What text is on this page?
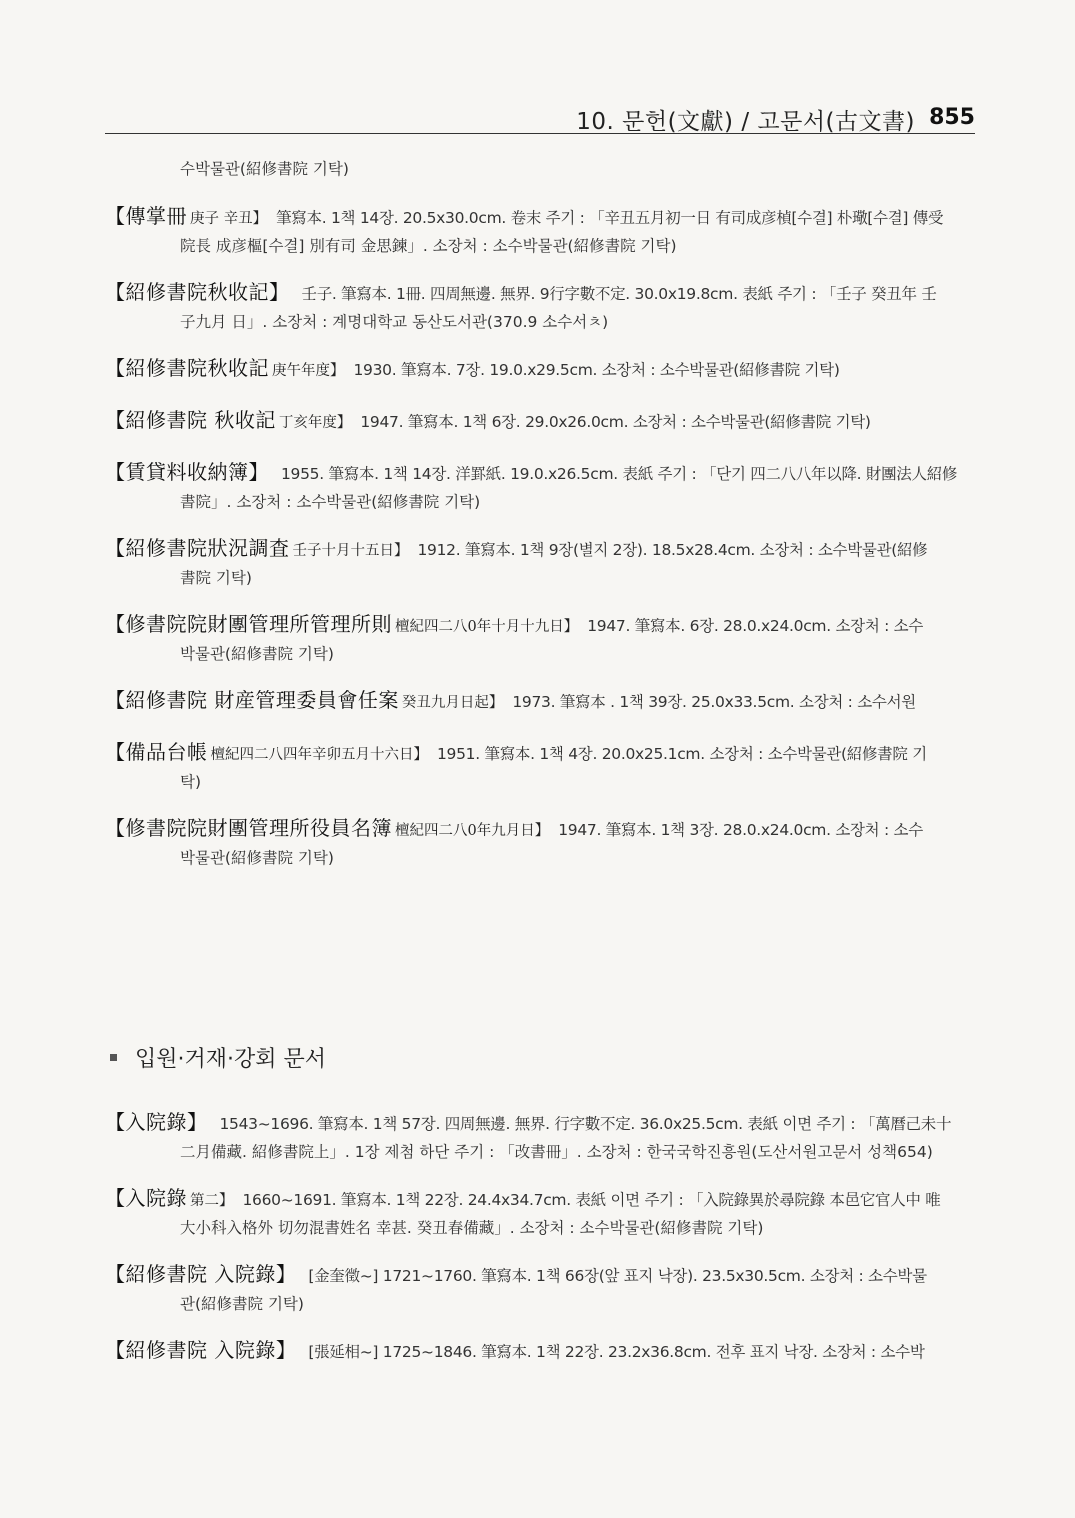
10. 문헌(文獻) / 고문서(古文書) 855
수박물관(紹修書院 기탁)
【傳掌冊 庚子 辛丑】 筆寫本. 1책 14장. 20.5x30.0cm. 卷末 주기 : 「辛丑五月初一日 有司成彦楨[수결] 朴璥[수결] 傳受
院長 成彦樞[수결] 別有司 金思鍊」. 소장처 : 소수박물관(紹修書院 기탁)
【紹修書院秋收記】 壬子. 筆寫本. 1冊. 四周無邊. 無界. 9行字數不定. 30.0x19.8cm. 表紙 주기 : 「壬子 癸丑年 壬
子九月 日」. 소장처 : 계명대학교 동산도서관(370.9 소수서ㅊ)
【紹修書院秋收記 庚午年度】 1930. 筆寫本. 7장. 19.0.x29.5cm. 소장처 : 소수박물관(紹修書院 기탁)
【紹修書院 秋收記 丁亥年度】 1947. 筆寫本. 1책 6장. 29.0x26.0cm. 소장처 : 소수박물관(紹修書院 기탁)
【賃貸料收納簿】 1955. 筆寫本. 1책 14장. 洋罫紙. 19.0.x26.5cm. 表紙 주기 : 「단기 四二八八年以降. 財團法人紹修
書院」. 소장처 : 소수박물관(紹修書院 기탁)
【紹修書院狀況調査 壬子十月十五日】 1912. 筆寫本. 1책 9장(별지 2장). 18.5x28.4cm. 소장처 : 소수박물관(紹修
書院 기탁)
【修書院院財團管理所管理所則 檀紀四二八0年十月十九日】 1947. 筆寫本. 6장. 28.0.x24.0cm. 소장처 : 소수
박물관(紹修書院 기탁)
【紹修書院 財産管理委員會任案 癸丑九月日起】 1973. 筆寫本 . 1책 39장. 25.0x33.5cm. 소장처 : 소수서원
【備品台帳 檀紀四二八四年辛卯五月十六日】 1951. 筆寫本. 1책 4장. 20.0x25.1cm. 소장처 : 소수박물관(紹修書院 기
탁)
【修書院院財團管理所役員名簿 檀紀四二八0年九月日】 1947. 筆寫本. 1책 3장. 28.0.x24.0cm. 소장처 : 소수
박물관(紹修書院 기탁)
입원·거재·강회 문서
【入院錄】 1543~1696. 筆寫本. 1책 57장. 四周無邊. 無界. 行字數不定. 36.0x25.5cm. 表紙 이면 주기 : 「萬曆己未十
二月備藏. 紹修書院上」. 1장 제첨 하단 주기 : 「改書冊」. 소장처 : 한국국학진흥원(도산서원고문서 성책654)
【入院錄 第二】 1660~1691. 筆寫本. 1책 22장. 24.4x34.7cm. 表紙 이면 주기 : 「入院錄異於尋院錄 本邑它官人中 唯
大小科入格外 切勿混書姓名 幸甚. 癸丑春備藏」. 소장처 : 소수박물관(紹修書院 기탁)
【紹修書院 入院錄】 [金奎徵~] 1721~1760. 筆寫本. 1책 66장(앞 표지 낙장). 23.5x30.5cm. 소장처 : 소수박물
관(紹修書院 기탁)
【紹修書院 入院錄】 [張延相~] 1725~1846. 筆寫本. 1책 22장. 23.2x36.8cm. 전후 표지 낙장. 소장처 : 소수박
